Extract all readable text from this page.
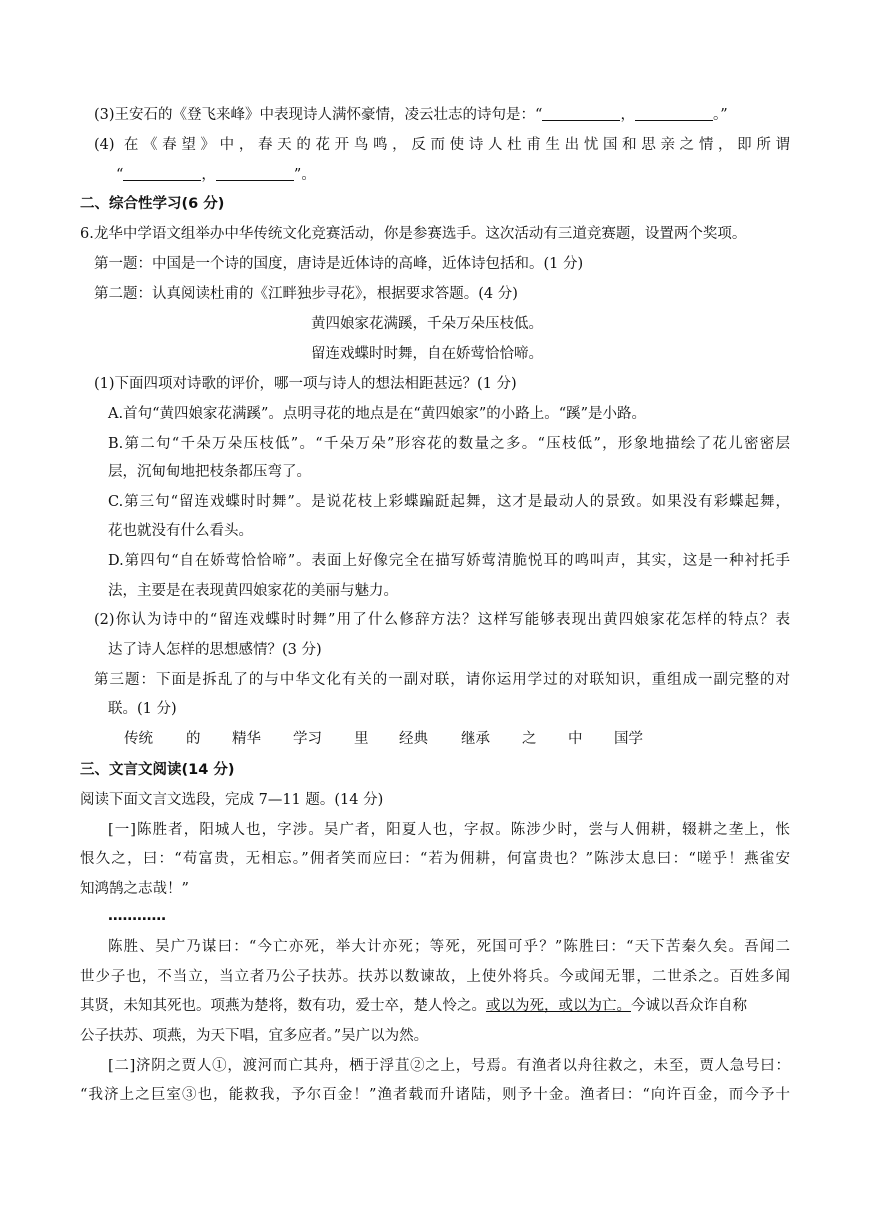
(3)王安石的《登飞来峰》中表现诗人满怀豪情，凌云壮志的诗句是：“	，	。”
(4) 在《春望》中，春天的花开鸟鸣，反而使诗人杜甫生出忧国和思亲之情，即所谓
“	，	”。
二、综合性学习(6 分)
6.龙华中学语文组举办中华传统文化竞赛活动，你是参赛选手。这次活动有三道竞赛题，设置两个奖项。
第一题：中国是一个诗的国度，唐诗是近体诗的高峰，近体诗包括和。(1 分)
第二题：认真阅读杜甫的《江畔独步寻花》，根据要求答题。(4 分)
黄四娘家花满蹊，千朵万朵压枝低。
留连戏蝶时时舞，自在娇莺恰恰啼。
(1)下面四项对诗歌的评价，哪一项与诗人的想法相距甚远？(1 分)
A.首句“黄四娘家花满蹊”。点明寻花的地点是在“黄四娘家”的小路上。“蹊”是小路。
B.第二句“千朵万朵压枝低”。“千朵万朵”形容花的数量之多。“压枝低”，形象地描绘了花儿密密层
层，沉甸甸地把枝条都压弯了。
C.第三句“留连戏蝶时时舞”。是说花枝上彩蝶蹁跹起舞，这才是最动人的景致。如果没有彩蝶起舞，
花也就没有什么看头。
D.第四句“自在娇莺恰恰啼”。表面上好像完全在描写娇莺清脆悦耳的鸣叫声，其实，这是一种衬托手
法，主要是在表现黄四娘家花的美丽与魅力。
(2)你认为诗中的“留连戏蝶时时舞”用了什么修辞方法？这样写能够表现出黄四娘家花怎样的特点？表
达了诗人怎样的思想感情？(3 分)
第三题：下面是拆乱了的与中华文化有关的一副对联，请你运用学过的对联知识，重组成一副完整的对
联。(1 分)
传统 的 精华 学习 里 经典 继承 之 中 国学
三、文言文阅读(14 分)
阅读下面文言文选段，完成 7—11 题。(14 分)
[一]陈胜者，阳城人也，字涉。吴广者，阳夏人也，字叔。陈涉少时，尝与人佣耕，辍耕之垄上，怅
恨久之，曰：“苟富贵，无相忘。”佣者笑而应曰：“若为佣耕，何富贵也？”陈涉太息曰：“嗟乎！燕雀安
知鸿鹄之志哉！”
…………
陈胜、吴广乃谋曰：“今亡亦死，举大计亦死；等死，死国可乎？”陈胜曰：“天下苦秦久矣。吾闻二
世少子也，不当立，当立者乃公子扶苏。扶苏以数谏故，上使外将兵。今或闻无罪，二世杀之。百姓多闻
其贤，未知其死也。项燕为楚将，数有功，爱士卒，楚人怜之。或以为死，或以为亡。今诚以吾众诈自称
公子扶苏、项燕，为天下唱，宜多应者。”吴广以为然。
[二]济阴之贾人①，渡河而亡其舟，栖于浮苴②之上，号焉。有渔者以舟往救之，未至，贾人急号曰：
“我济上之巨室③也，能救我，予尔百金！”渔者载而升诸陆，则予十金。渔者曰：“向许百金，而今予十
